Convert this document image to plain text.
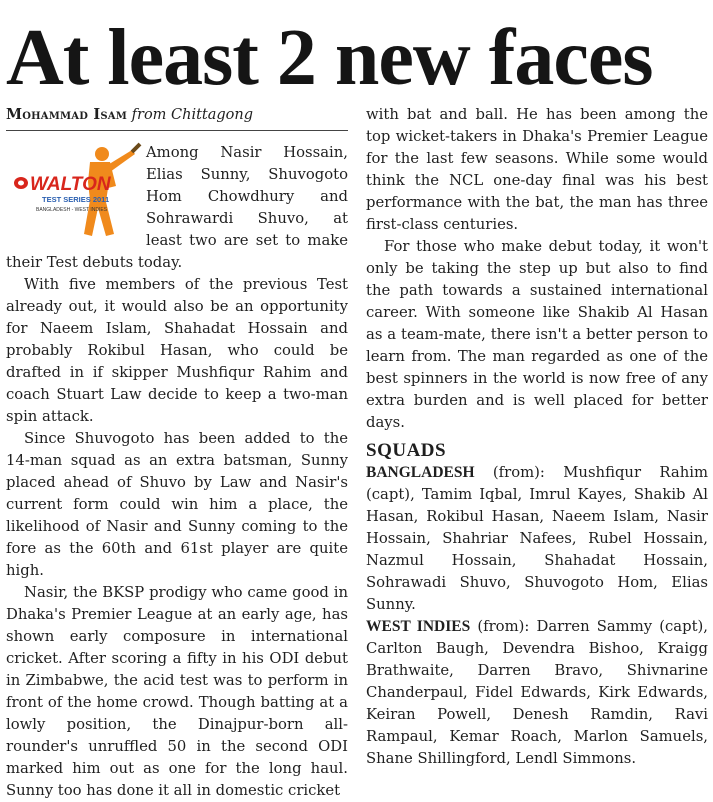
At least 2 new faces
Mohammad Isam from Chittagong
WALTON
TEST SERIES 2011
BANGLADESH - WEST INDIES

Among Nasir Hossain, Elias Sunny, Shuvogoto Hom Chowdhury and Sohrawardi Shuvo, at least two are set to make their Test debuts today.

With five members of the previous Test already out, it would also be an opportunity for Naeem Islam, Shahadat Hossain and probably Rokibul Hasan, who could be drafted in if skipper Mushfiqur Rahim and coach Stuart Law decide to keep a two-man spin attack.

Since Shuvogoto has been added to the 14-man squad as an extra batsman, Sunny placed ahead of Shuvo by Law and Nasir's current form could win him a place, the likelihood of Nasir and Sunny coming to the fore as the 60th and 61st player are quite high.

Nasir, the BKSP prodigy who came good in Dhaka's Premier League at an early age, has shown early composure in international cricket. After scoring a fifty in his ODI debut in Zimbabwe, the acid test was to perform in front of the home crowd. Though batting at a lowly position, the Dinajpur-born all-rounder's unruffled 50 in the second ODI marked him out as one for the long haul. Sunny too has done it all in domestic cricket

with bat and ball. He has been among the top wicket-takers in Dhaka's Premier League for the last few seasons. While some would think the NCL one-day final was his best performance with the bat, the man has three first-class centuries.

For those who make debut today, it won't only be taking the step up but also to find the path towards a sustained international career. With someone like Shakib Al Hasan as a team-mate, there isn't a better person to learn from. The man regarded as one of the best spinners in the world is now free of any extra burden and is well placed for better days.

SQUADS

BANGLADESH (from): Mushfiqur Rahim (capt), Tamim Iqbal, Imrul Kayes, Shakib Al Hasan, Rokibul Hasan, Naeem Islam, Nasir Hossain, Shahriar Nafees, Rubel Hossain, Nazmul Hossain, Shahadat Hossain, Sohrawadi Shuvo, Shuvogoto Hom, Elias Sunny.

WEST INDIES (from): Darren Sammy (capt), Carlton Baugh, Devendra Bishoo, Kraigg Brathwaite, Darren Bravo, Shivnarine Chanderpaul, Fidel Edwards, Kirk Edwards, Keiran Powell, Denesh Ramdin, Ravi Rampaul, Kemar Roach, Marlon Samuels, Shane Shillingford, Lendl Simmons.
